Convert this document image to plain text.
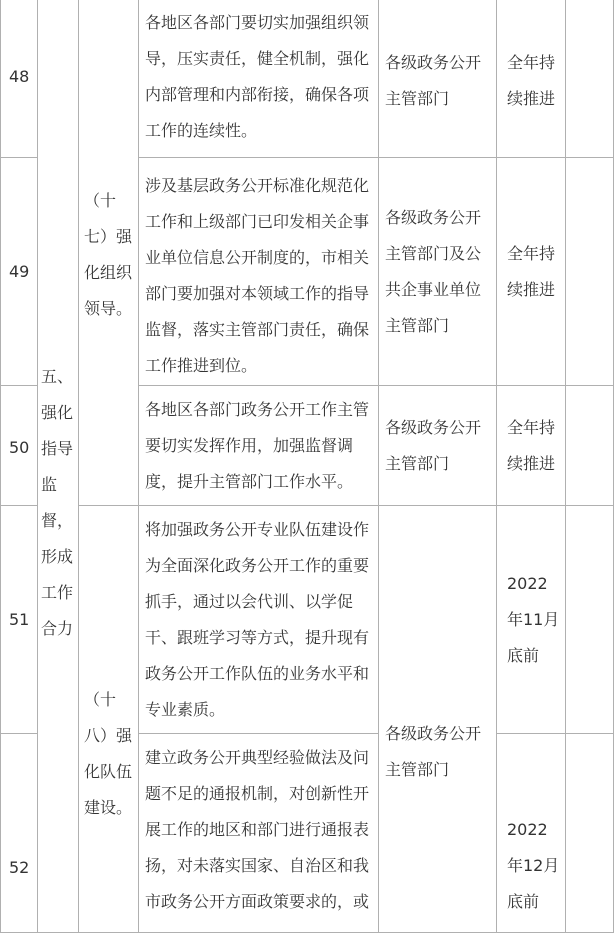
48
各地区各部门要切实加强组织领
导，压实责任，健全机制，强化
内部管理和内部衔接，确保各项
工作的连续性。
各级政务公开
主管部门
全年持
续推进
49
涉及基层政务公开标准化规范化
工作和上级部门已印发相关企事
业单位信息公开制度的，市相关
部门要加强对本领域工作的指导
监督，落实主管部门责任，确保
工作推进到位。
各级政务公开
主管部门及公
共企事业单位
主管部门
全年持
续推进
50
各地区各部门政务公开工作主管
要切实发挥作用，加强监督调
度，提升主管部门工作水平。
各级政务公开
主管部门
全年持
续推进
51
将加强政务公开专业队伍建设作
为全面深化政务公开工作的重要
抓手，通过以会代训、以学促
干、跟班学习等方式，提升现有
政务公开工作队伍的业务水平和
专业素质。
2022
年11月
底前
52
建立政务公开典型经验做法及问
题不足的通报机制，对创新性开
展工作的地区和部门进行通报表
扬，对未落实国家、自治区和我
市政务公开方面政策要求的，或
2022
年12月
底前
各级政务公开
主管部门
五、
强化
指导
监
督，
形成
工作
合力
（十
七）强
化组织
领导。
（十
八）强
化队伍
建设。
